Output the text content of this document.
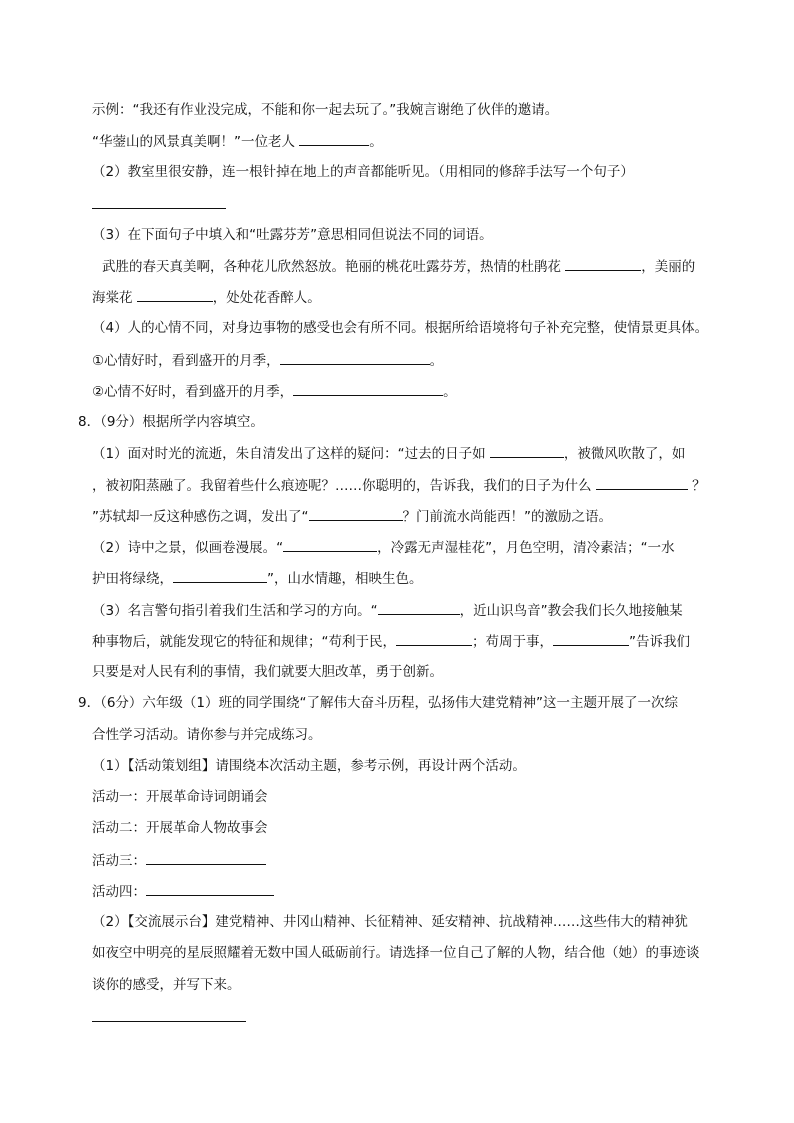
示例：“我还有作业没完成，不能和你一起去玩了。”我婉言谢绝了伙伴的邀请。
“华蓥山的风景真美啊！”一位老人	。
（2）教室里很安静，连一根针掉在地上的声音都能听见。（用相同的修辞手法写一个句子）
（3）在下面句子中填入和“吐露芬芳”意思相同但说法不同的词语。
武胜的春天真美啊，各种花儿欣然怒放。艳丽的桃花吐露芬芳，热情的杜鹃花	，美丽的
海棠花	，处处花香醉人。
（4）人的心情不同，对身边事物的感受也会有所不同。根据所给语境将句子补充完整，使情景更具体。
①心情好时，看到盛开的月季，	。
②心情不好时，看到盛开的月季，	。
8．（9分）根据所学内容填空。
（1）面对时光的流逝，朱自清发出了这样的疑问：“过去的日子如	，被微风吹散了，如
，被初阳蒸融了。我留着些什么痕迹呢？……你聪明的，告诉我，我们的日子为什么	？
”苏轼却一反这种感伤之调，发出了“	？门前流水尚能西！”的激励之语。
（2）诗中之景，似画卷漫展。“	，冷露无声湿桂花”，月色空明，清冷素洁；“一水
护田将绿绕，	”，山水情趣，相映生色。
（3）名言警句指引着我们生活和学习的方向。“	，近山识鸟音”教会我们长久地接触某
种事物后，就能发现它的特征和规律；“苟利于民，	；苟周于事，	”告诉我们
只要是对人民有利的事情，我们就要大胆改革，勇于创新。
9．（6分）六年级（1）班的同学围绕“了解伟大奋斗历程，弘扬伟大建党精神”这一主题开展了一次综
合性学习活动。请你参与并完成练习。
（1）【活动策划组】请围绕本次活动主题，参考示例，再设计两个活动。
活动一：开展革命诗词朗诵会
活动二：开展革命人物故事会
活动三：
活动四：
（2）【交流展示台】建党精神、井冈山精神、长征精神、延安精神、抗战精神……这些伟大的精神犹
如夜空中明亮的星辰照耀着无数中国人砥砺前行。请选择一位自己了解的人物，结合他（她）的事迹谈
谈你的感受，并写下来。
